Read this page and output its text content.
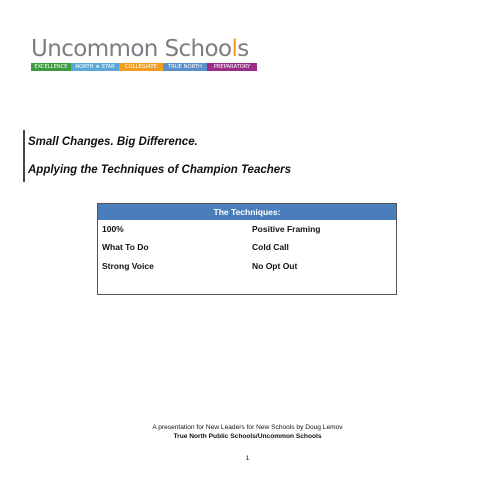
Uncommon Schools
EXCELLENCE NORTH ★ STAR COLLEGIATE TRUE NORTH PREPARATORY
Small Changes. Big Difference.
Applying the Techniques of Champion Teachers
The Techniques:
100%	Positive Framing
What To Do	Cold Call
Strong Voice	No Opt Out
A presentation for New Leaders for New Schools by Doug Lemov
True North Public Schools/Uncommon Schools
1
